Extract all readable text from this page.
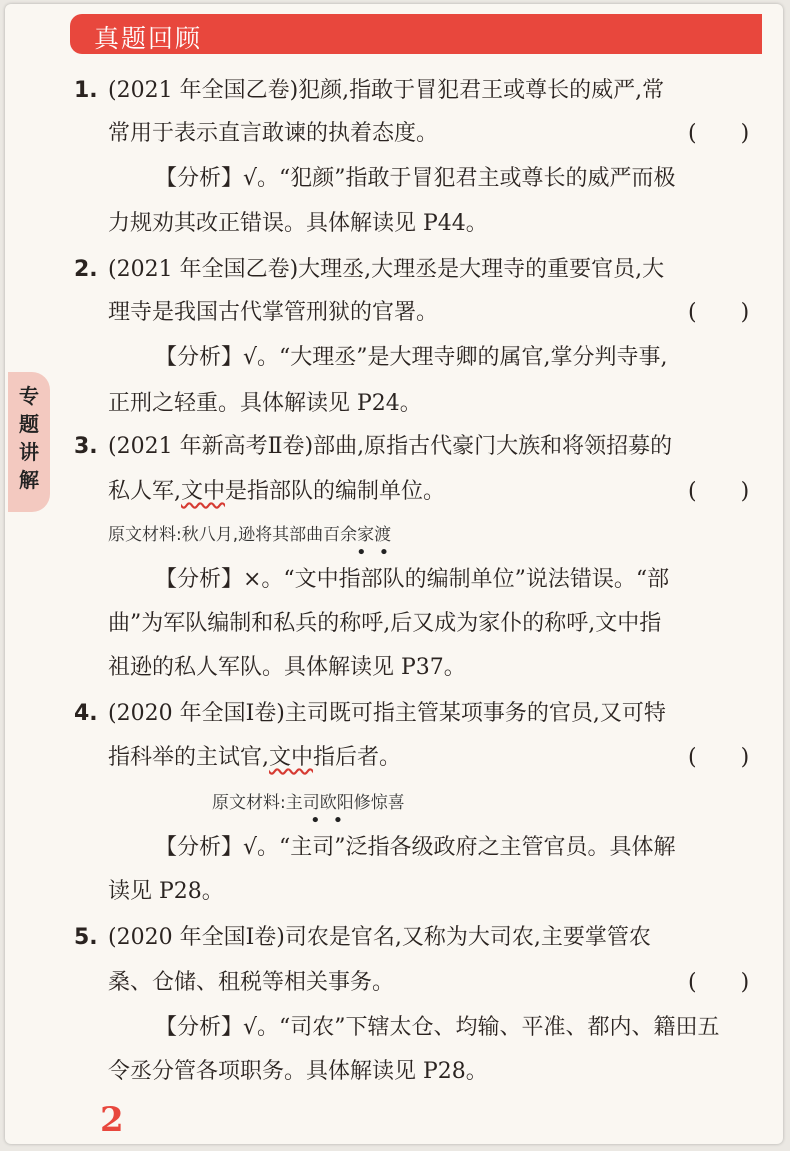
真题回顾
专题讲解
1. (2021 年全国乙卷)犯颜,指敢于冒犯君王或尊长的威严,常
常用于表示直言敢谏的执着态度。	(　　)
【分析】√。“犯颜”指敢于冒犯君主或尊长的威严而极
力规劝其改正错误。具体解读见 P44。
2. (2021 年全国乙卷)大理丞,大理丞是大理寺的重要官员,大
理寺是我国古代掌管刑狱的官署。	(　　)
【分析】√。“大理丞”是大理寺卿的属官,掌分判寺事,
正刑之轻重。具体解读见 P24。
3. (2021 年新高考Ⅱ卷)部曲,原指古代豪门大族和将领招募的
私人军,文中是指部队的编制单位。	(　　)
原文材料:秋八月,逊将其部曲百余家渡
••
【分析】×。“文中指部队的编制单位”说法错误。“部
曲”为军队编制和私兵的称呼,后又成为家仆的称呼,文中指
祖逊的私人军队。具体解读见 P37。
4. (2020 年全国Ⅰ卷)主司既可指主管某项事务的官员,又可特
指科举的主试官,文中指后者。	(　　)
原文材料:主司欧阳修惊喜
••
【分析】√。“主司”泛指各级政府之主管官员。具体解
读见 P28。
5. (2020 年全国Ⅰ卷)司农是官名,又称为大司农,主要掌管农
桑、仓储、租税等相关事务。	(　　)
【分析】√。“司农”下辖太仓、均输、平准、都内、籍田五
令丞分管各项职务。具体解读见 P28。
2
